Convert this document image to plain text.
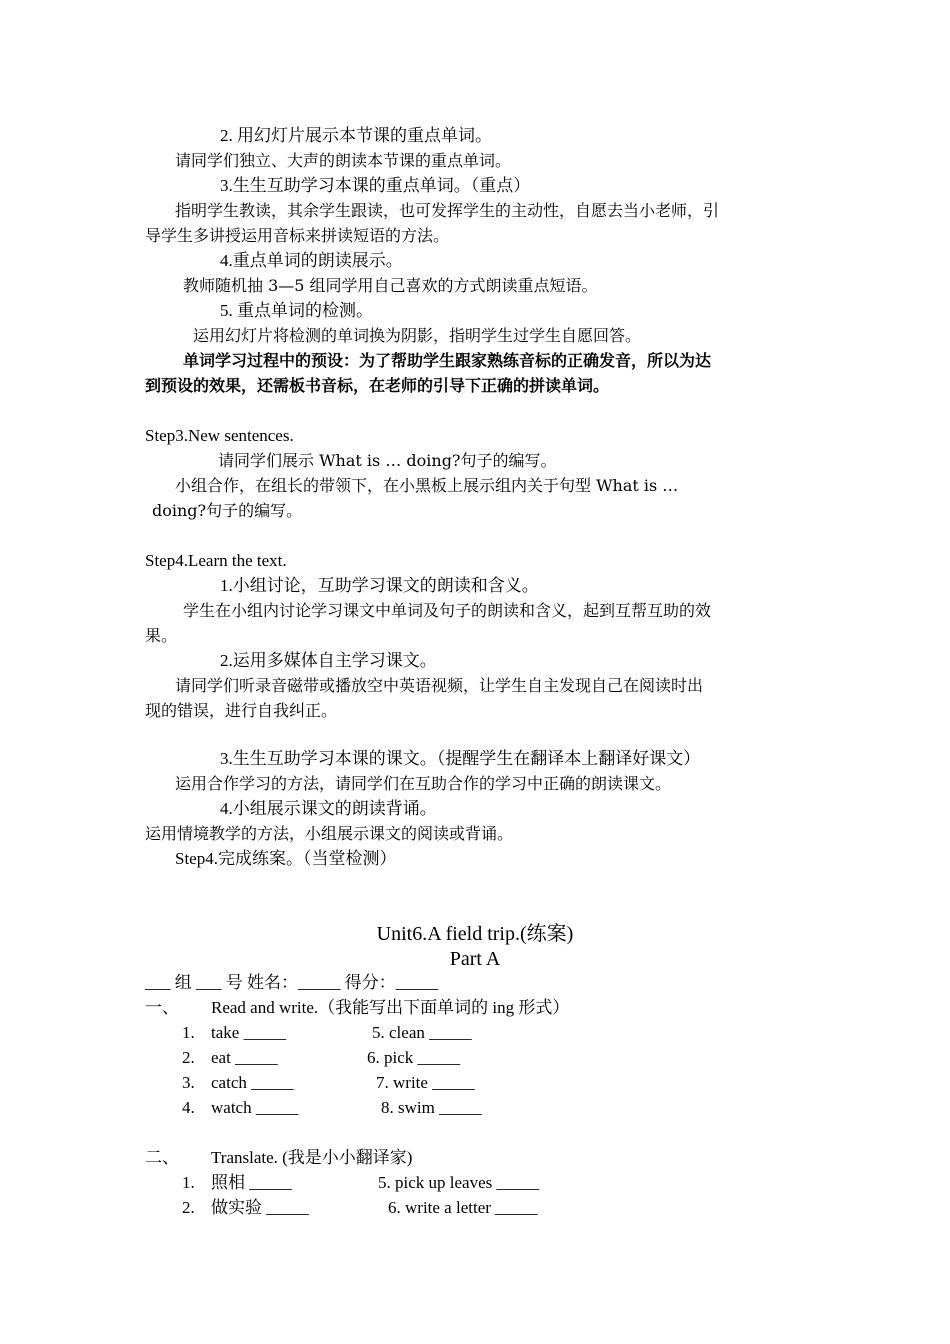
2. 用幻灯片展示本节课的重点单词。
请同学们独立、大声的朗读本节课的重点单词。
3.生生互助学习本课的重点单词。（重点）
指明学生教读，其余学生跟读，也可发挥学生的主动性，自愿去当小老师，引
导学生多讲授运用音标来拼读短语的方法。
4.重点单词的朗读展示。
教师随机抽 3—5 组同学用自己喜欢的方式朗读重点短语。
5. 重点单词的检测。
运用幻灯片将检测的单词换为阴影，指明学生过学生自愿回答。
单词学习过程中的预设：为了帮助学生跟家熟练音标的正确发音，所以为达
到预设的效果，还需板书音标，在老师的引导下正确的拼读单词。
Step3.New sentences.
请同学们展示 What is … doing?句子的编写。
小组合作，在组长的带领下，在小黑板上展示组内关于句型 What is …
doing?句子的编写。
Step4.Learn the text.
1.小组讨论，互助学习课文的朗读和含义。
学生在小组内讨论学习课文中单词及句子的朗读和含义，起到互帮互助的效
果。
2.运用多媒体自主学习课文。
请同学们听录音磁带或播放空中英语视频，让学生自主发现自己在阅读时出
现的错误，进行自我纠正。
3.生生互助学习本课的课文。（提醒学生在翻译本上翻译好课文）
运用合作学习的方法，请同学们在互助合作的学习中正确的朗读课文。
4.小组展示课文的朗读背诵。
运用情境教学的方法，小组展示课文的阅读或背诵。
Step4.完成练案。（当堂检测）
Unit6.A field trip.(练案)
Part A
___ 组 ___ 号 姓名：_____ 得分：_____
一、 Read and write.（我能写出下面单词的 ing 形式）
1. take _____	5. clean _____
2. eat _____	6. pick _____
3. catch _____	7. write _____
4. watch _____	8. swim _____
二、 Translate. (我是小小翻译家)
1. 照相 _____	5. pick up leaves _____
2. 做实验 _____	6. write a letter _____
